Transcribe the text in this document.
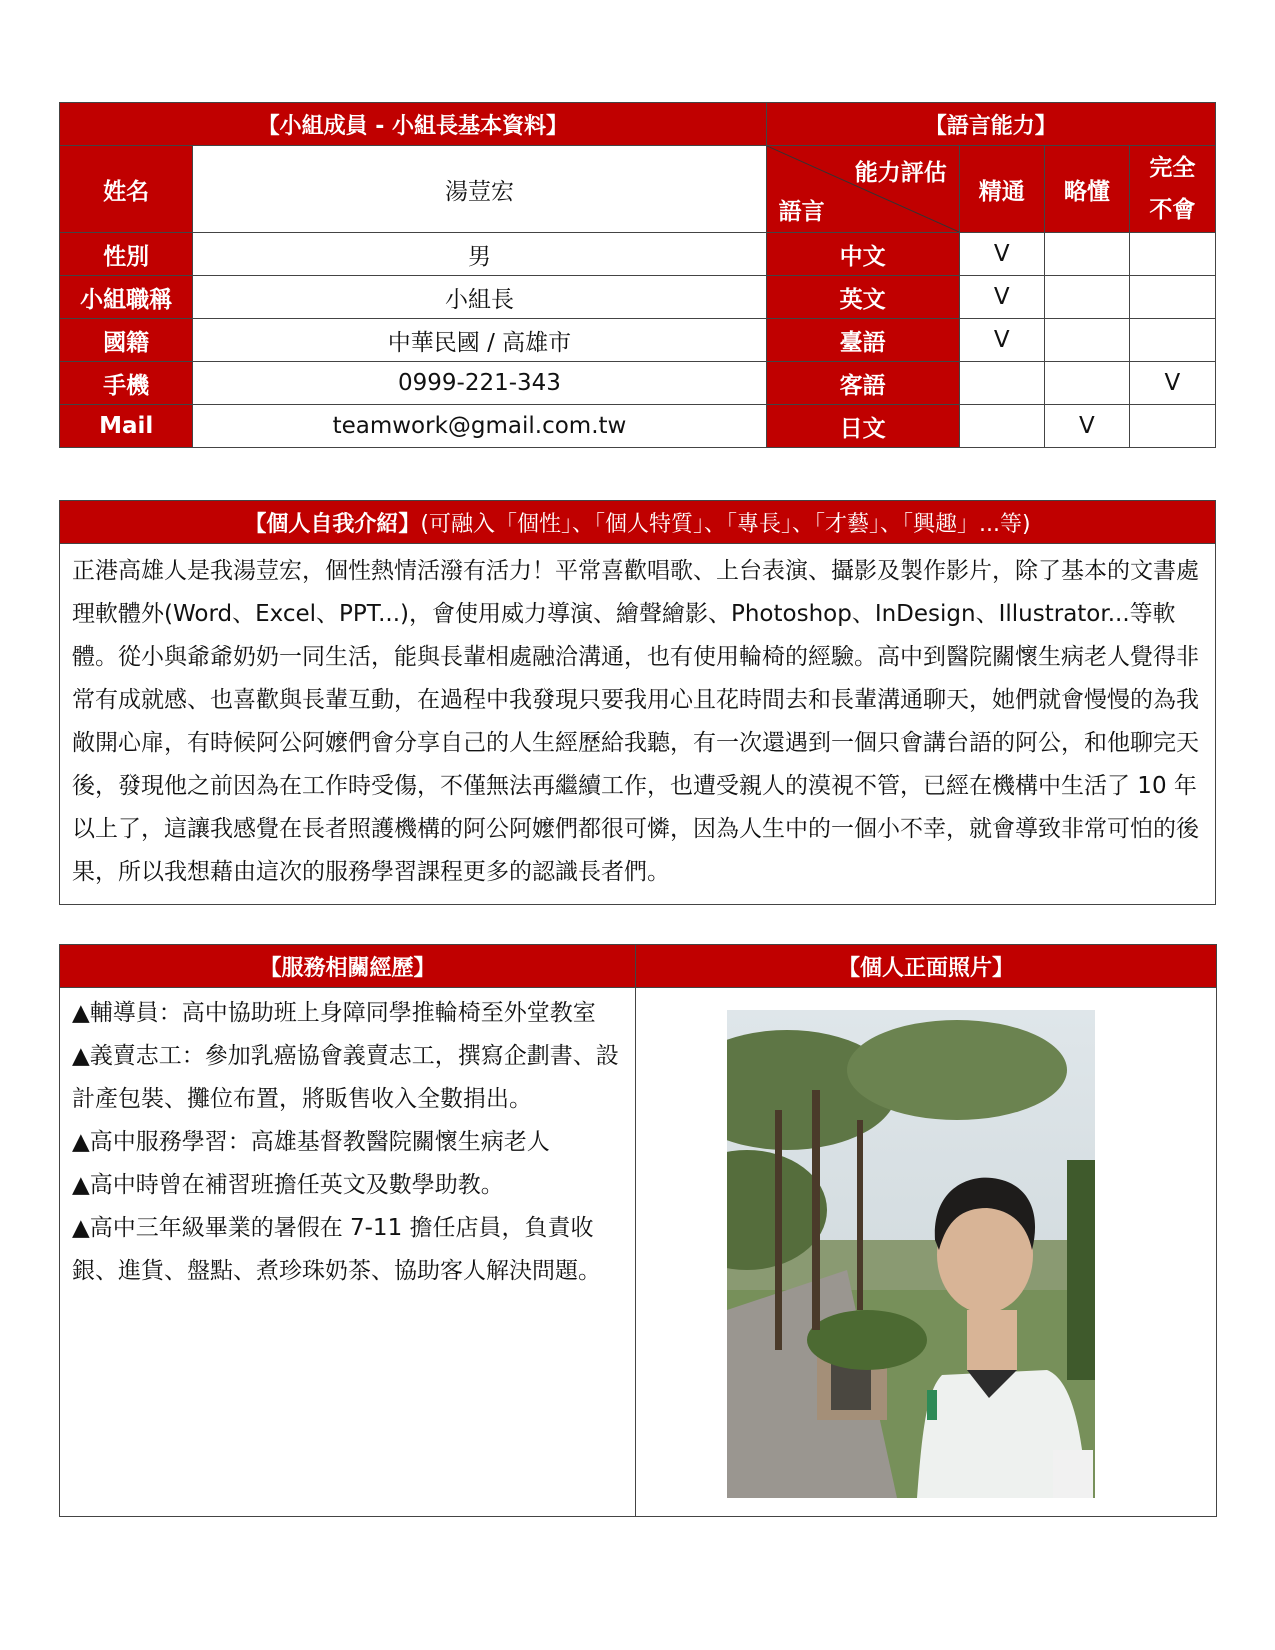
【小組成員 - 小組長基本資料】		【語言能力】			
姓名	湯荳宏	能力評估
語言	精通	略懂	完全
不會
性別	男	中文	V		
小組職稱	小組長	英文	V		
國籍	中華民國 / 高雄市	臺語	V		
手機	0999-221-343	客語			V
Mail	teamwork@gmail.com.tw	日文		V	
【個人自我介紹】(可融入「個性」、「個人特質」、「專長」、「才藝」、「興趣」...等)
正港高雄人是我湯荳宏，個性熱情活潑有活力！平常喜歡唱歌、上台表演、攝影及製作影片，除了基本的文書處理軟體外(Word、Excel、PPT...)，會使用威力導演、繪聲繪影、Photoshop、InDesign、Illustrator...等軟體。從小與爺爺奶奶一同生活，能與長輩相處融洽溝通，也有使用輪椅的經驗。高中到醫院關懷生病老人覺得非常有成就感、也喜歡與長輩互動，在過程中我發現只要我用心且花時間去和長輩溝通聊天，她們就會慢慢的為我敞開心扉，有時候阿公阿嬤們會分享自己的人生經歷給我聽，有一次還遇到一個只會講台語的阿公，和他聊完天後，發現他之前因為在工作時受傷，不僅無法再繼續工作，也遭受親人的漠視不管，已經在機構中生活了 10 年以上了，這讓我感覺在長者照護機構的阿公阿嬤們都很可憐，因為人生中的一個小不幸，就會導致非常可怕的後果，所以我想藉由這次的服務學習課程更多的認識長者們。
【服務相關經歷】	【個人正面照片】

▲輔導員：高中協助班上身障同學推輪椅至外堂教室
▲義賣志工：參加乳癌協會義賣志工，撰寫企劃書、設計產包裝、攤位布置，將販售收入全數捐出。
▲高中服務學習：高雄基督教醫院關懷生病老人
▲高中時曾在補習班擔任英文及數學助教。
▲高中三年級畢業的暑假在 7-11 擔任店員，負責收銀、進貨、盤點、煮珍珠奶茶、協助客人解決問題。
